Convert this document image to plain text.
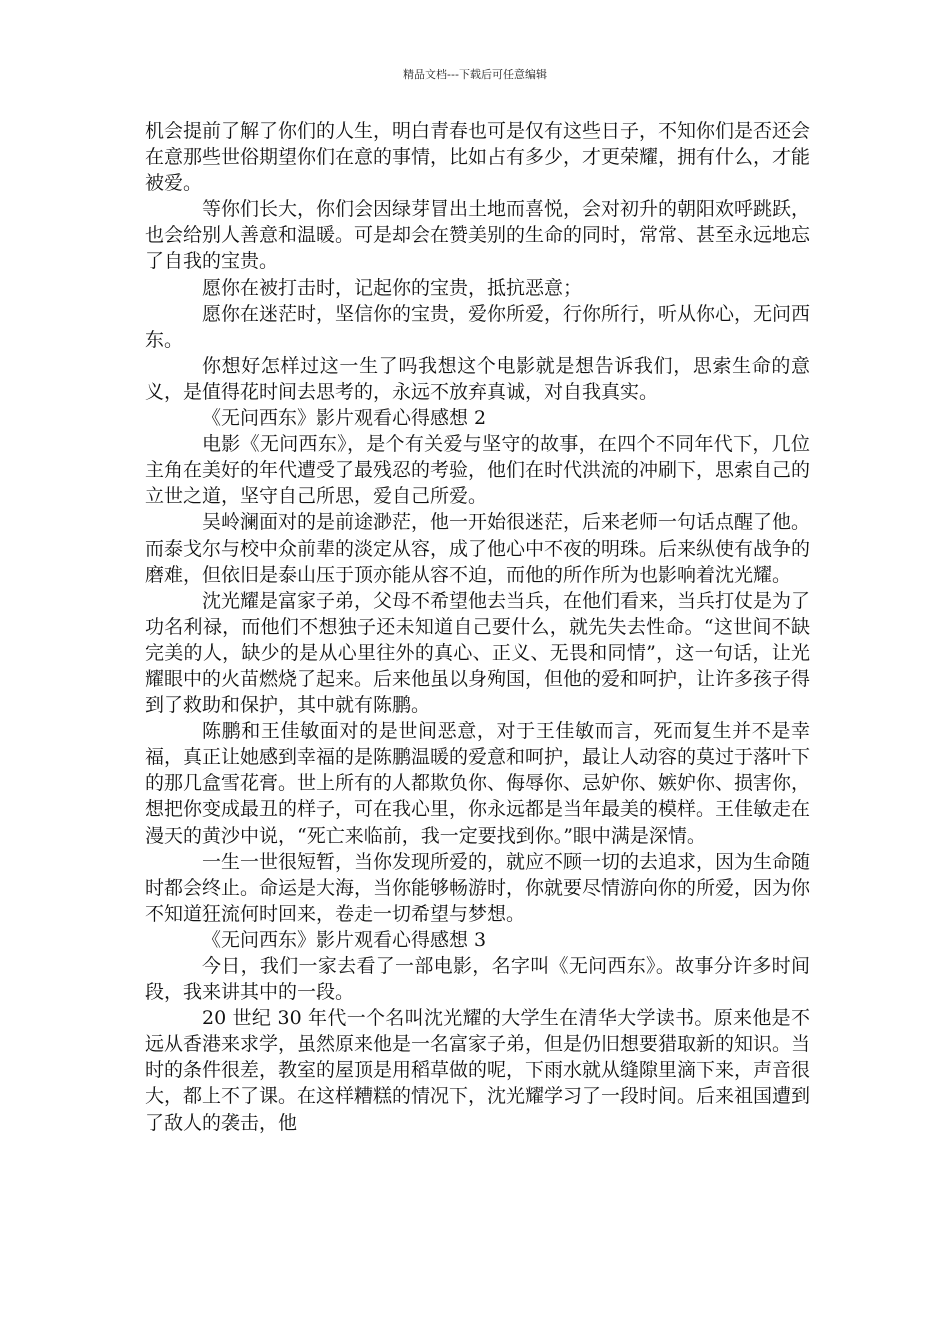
精品文档---下载后可任意编辑

机会提前了解了你们的人生，明白青春也可是仅有这些日子，不知你们是否还会在意那些世俗期望你们在意的事情，比如占有多少，才更荣耀，拥有什么，才能被爱。

等你们长大，你们会因绿芽冒出土地而喜悦，会对初升的朝阳欢呼跳跃，也会给别人善意和温暖。可是却会在赞美别的生命的同时，常常、甚至永远地忘了自我的宝贵。

愿你在被打击时，记起你的宝贵，抵抗恶意；

愿你在迷茫时，坚信你的宝贵，爱你所爱，行你所行，听从你心，无问西东。

你想好怎样过这一生了吗我想这个电影就是想告诉我们，思索生命的意义，是值得花时间去思考的，永远不放弃真诚，对自我真实。

《无问西东》影片观看心得感想 2

电影《无问西东》，是个有关爱与坚守的故事，在四个不同年代下，几位主角在美好的年代遭受了最残忍的考验，他们在时代洪流的冲刷下，思索自己的立世之道，坚守自己所思，爱自己所爱。

吴岭澜面对的是前途渺茫，他一开始很迷茫，后来老师一句话点醒了他。而泰戈尔与校中众前辈的淡定从容，成了他心中不夜的明珠。后来纵使有战争的磨难，但依旧是泰山压于顶亦能从容不迫，而他的所作所为也影响着沈光耀。

沈光耀是富家子弟，父母不希望他去当兵，在他们看来，当兵打仗是为了功名利禄，而他们不想独子还未知道自己要什么，就先失去性命。“这世间不缺完美的人，缺少的是从心里往外的真心、正义、无畏和同情”，这一句话，让光耀眼中的火苗燃烧了起来。后来他虽以身殉国，但他的爱和呵护，让许多孩子得到了救助和保护，其中就有陈鹏。

陈鹏和王佳敏面对的是世间恶意，对于王佳敏而言，死而复生并不是幸福，真正让她感到幸福的是陈鹏温暖的爱意和呵护，最让人动容的莫过于落叶下的那几盒雪花膏。世上所有的人都欺负你、侮辱你、忌妒你、嫉妒你、损害你，想把你变成最丑的样子，可在我心里，你永远都是当年最美的模样。王佳敏走在漫天的黄沙中说，“死亡来临前，我一定要找到你。”眼中满是深情。

一生一世很短暂，当你发现所爱的，就应不顾一切的去追求，因为生命随时都会终止。命运是大海，当你能够畅游时，你就要尽情游向你的所爱，因为你不知道狂流何时回来，卷走一切希望与梦想。

《无问西东》影片观看心得感想 3

今日，我们一家去看了一部电影，名字叫《无问西东》。故事分许多时间段，我来讲其中的一段。

20 世纪 30 年代一个名叫沈光耀的大学生在清华大学读书。原来他是不远从香港来求学，虽然原来他是一名富家子弟，但是仍旧想要猎取新的知识。当时的条件很差，教室的屋顶是用稻草做的呢，下雨水就从缝隙里滴下来，声音很大，都上不了课。在这样糟糕的情况下，沈光耀学习了一段时间。后来祖国遭到了敌人的袭击，他
